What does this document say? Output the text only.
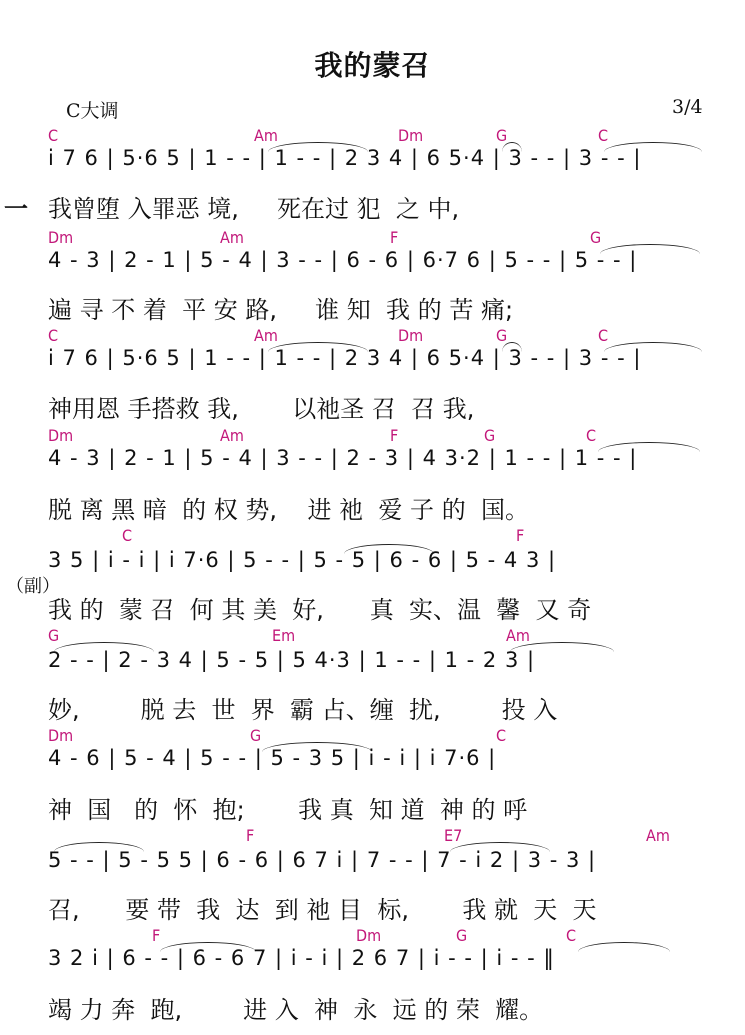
我的蒙召
C大调	3/4
C	Am	Dm	G	C
i 7 6 | 5·6 5 | 1 - - | 1 - - | 2 3 4 | 6 5·4 | 3 - - | 3 - - |
一 我曾堕 入罪恶 境,     死在过 犯  之 中,
Dm	Am	F	G
4 - 3 | 2 - 1 | 5 - 4 | 3 - - | 6 - 6 | 6·7 6 | 5 - - | 5 - - |
遍 寻 不 着  平 安 路,     谁 知  我 的 苦 痛;
C	Am	Dm	G	C
i 7 6 | 5·6 5 | 1 - - | 1 - - | 2 3 4 | 6 5·4 | 3 - - | 3 - - |
神用恩 手搭救 我,       以祂圣 召  召 我,
Dm	Am	F	G	C
4 - 3 | 2 - 1 | 5 - 4 | 3 - - | 2 - 3 | 4 3·2 | 1 - - | 1 - - |
脱 离 黑 暗  的 权 势,    进 祂  爱 子 的  国。
C	F
3 5 | i - i | i 7·6 | 5 - - | 5 - 5 | 6 - 6 | 5 - 4 3 |
（副）
我 的  蒙 召  何 其 美  好,      真  实、温  馨  又 奇
G	Em	Am
2 - - | 2 - 3 4 | 5 - 5 | 5 4·3 | 1 - - | 1 - 2 3 |
妙,        脱 去  世  界  霸 占、缠  扰,        投 入
Dm	G	C
4 - 6 | 5 - 4 | 5 - - | 5 - 3 5 | i - i | i 7·6 |
神  国   的  怀  抱;       我 真  知 道  神 的 呼
F	E7	Am
5 - - | 5 - 5 5 | 6 - 6 | 6 7 i | 7 - - | 7 - i 2 | 3 - 3 |
召,      要 带  我  达  到 祂 目  标,       我 就  天  天
F	Dm	G	C
3 2 i | 6 - - | 6 - 6 7 | i - i | 2 6 7 | i - - | i - - ‖
竭 力 奔  跑,        进 入  神  永  远 的 荣  耀。
